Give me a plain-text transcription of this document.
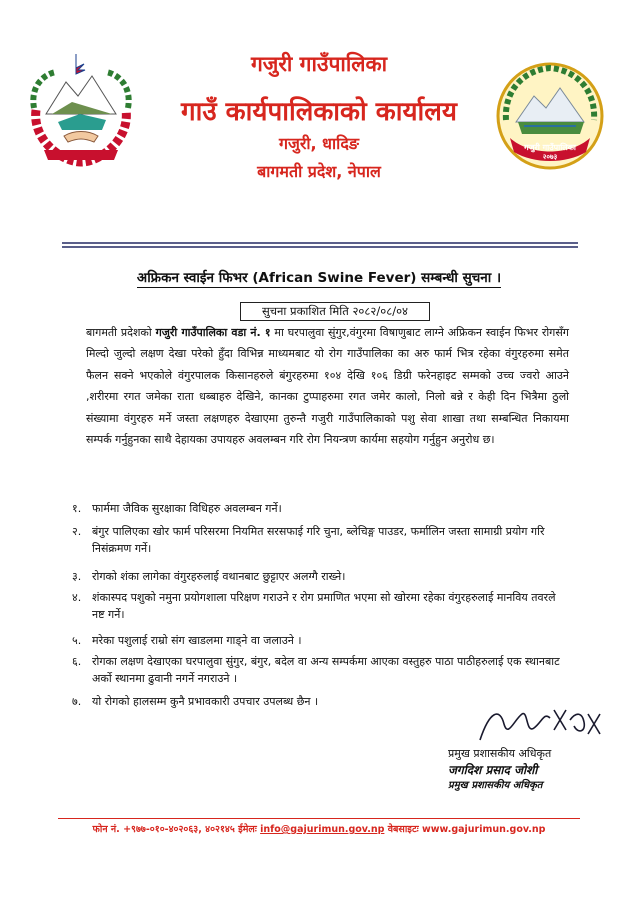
गजुरी गाउँपालिका
२०७३
गजुरी गाउँपालिका
गाउँ कार्यपालिकाको कार्यालय
गजुरी, धादिङ
बागमती प्रदेश, नेपाल
अफ्रिकन स्वाईन फिभर (African Swine Fever) सम्बन्धी सुचना ।
सुचना प्रकाशित मिति २०८२/०८/०४
बागमती प्रदेशको गजुरी गाउँपालिका वडा नं. १ मा घरपालुवा सुंगुर,वंगुरमा विषाणुबाट लाग्ने अफ्रिकन स्वाईन फिभर रोगसँग मिल्दो जुल्दो लक्षण देखा परेको हुँदा विभिन्न माध्यमबाट यो रोग गाउँपालिका का अरु फार्म भित्र रहेका वंगुरहरुमा समेत फैलन सक्ने भएकोले वंगुरपालक किसानहरुले बंगुरहरुमा १०४ देखि १०६ डिग्री फरेनहाइट सम्मको उच्च ज्वरो आउने ,शरीरमा रगत जमेका राता धब्बाहरु देखिने, कानका टुप्पाहरुमा रगत जमेर कालो, निलो बन्ने र केही दिन भित्रैमा ठुलो संख्यामा वंगुरहरु मर्ने जस्ता लक्षणहरु देखाएमा तुरुन्तै गजुरी गाउँपालिकाको पशु सेवा शाखा तथा सम्बन्धित निकायमा सम्पर्क गर्नुहुनका साथै देहायका उपायहरु अवलम्बन गरि रोग नियन्त्रण कार्यमा सहयोग गर्नुहुन अनुरोध छ।
१. फार्ममा जैविक सुरक्षाका विधिहरु अवलम्बन गर्ने।
२. बंगुर पालिएका खोर फार्म परिसरमा नियमित सरसफाई गरि चुना, ब्लेचिङ्ग पाउडर, फर्मालिन जस्ता सामाग्री प्रयोग गरि निसंक्रमण गर्ने।
३. रोगको शंका लागेका वंगुरहरुलाई वथानबाट छुट्टाएर अलग्गै राख्ने।
४. शंकास्पद पशुको नमुना प्रयोगशाला परिक्षण गराउने र रोग प्रमाणित भएमा सो खोरमा रहेका वंगुरहरुलाई मानविय तवरले नष्ट गर्ने।
५. मरेका पशुलाई राम्रो संग खाडलमा गाड्ने वा जलाउने ।
६. रोगका लक्षण देखाएका घरपालुवा सुंगुर, बंगुर, बदेल वा अन्य सम्पर्कमा आएका वस्तुहरु पाठा पाठीहरुलाई एक स्थानबाट अर्को स्थानमा ढुवानी नगर्ने नगराउने ।
७. यो रोगको हालसम्म कुनै प्रभावकारी उपचार उपलब्ध छैन ।
प्रमुख प्रशासकीय अधिकृत
जगदिश प्रसाद जोशी
प्रमुख प्रशासकीय अधिकृत
फोन नं. +९७७-०१०-४०२०६३, ४०२१४५ ईमेलः info@gajurimun.gov.np वेबसाइटः www.gajurimun.gov.np
